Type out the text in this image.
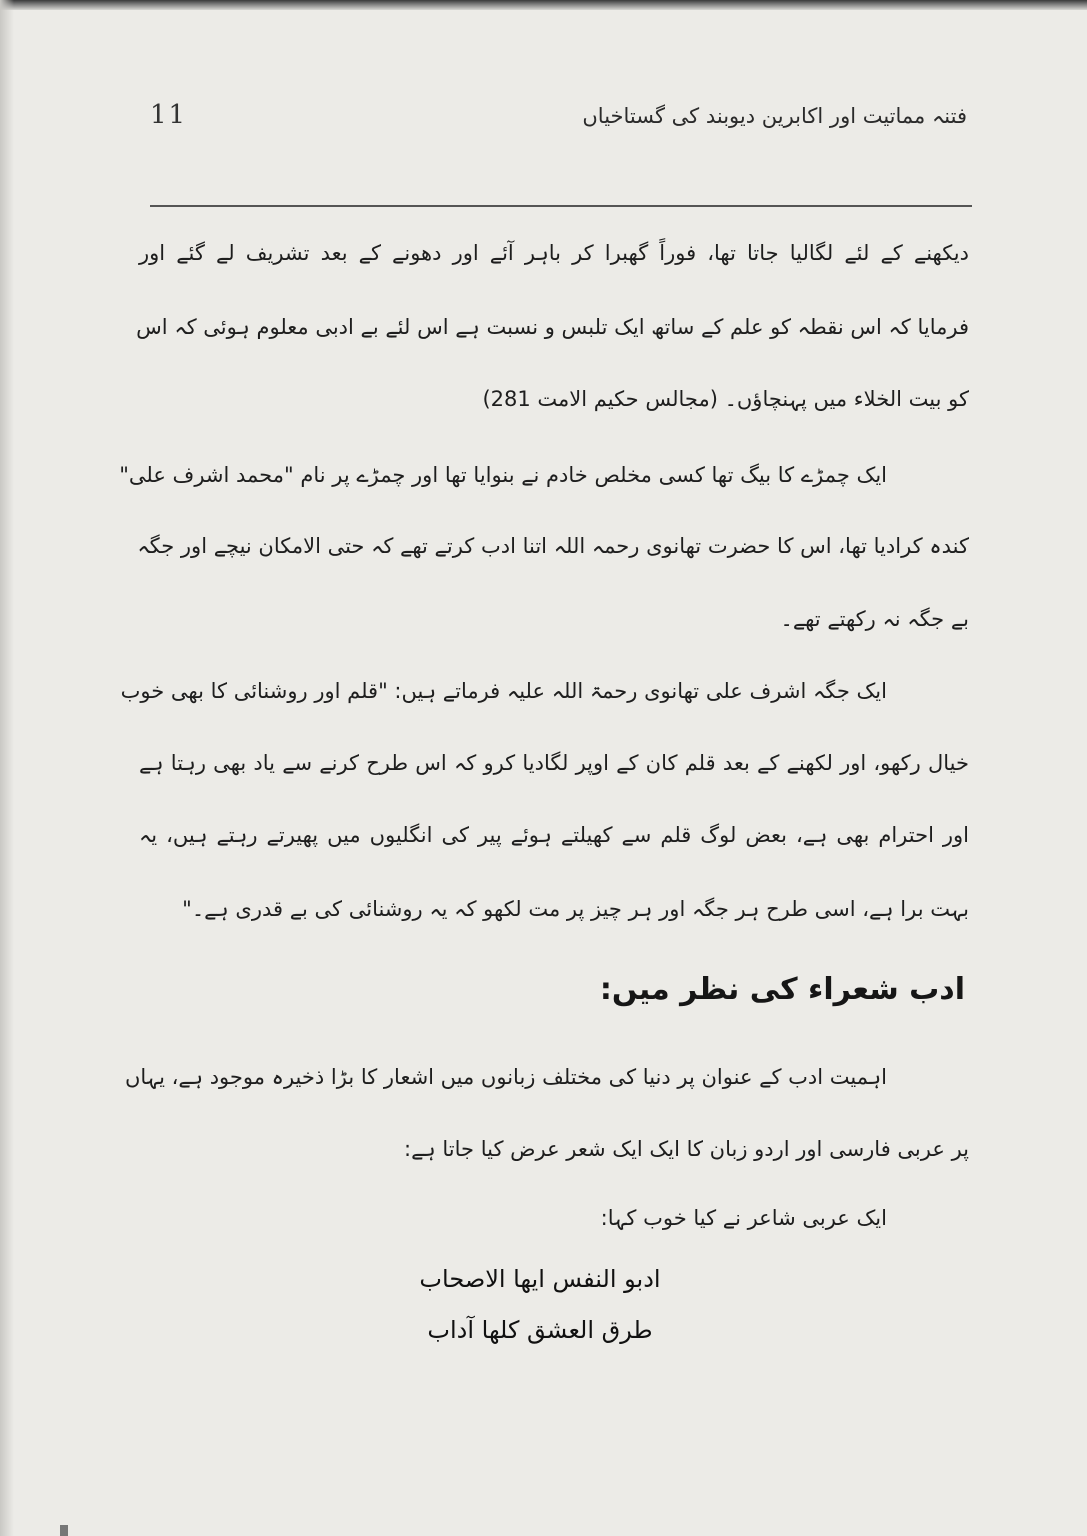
11	فتنہ مماتیت اور اکابرین دیوبند کی گستاخیاں
دیکھنے کے لئے لگالیا جاتا تھا، فوراً گھبرا کر باہر آئے اور دھونے کے بعد تشریف لے گئے اور
فرمایا کہ اس نقطہ کو علم کے ساتھ ایک تلبس و نسبت ہے اس لئے بے ادبی معلوم ہوئی کہ اس
کو بیت الخلاء میں پہنچاؤں۔ (مجالس حکیم الامت 281)
ایک چمڑے کا بیگ تھا کسی مخلص خادم نے بنوایا تھا اور چمڑے پر نام "محمد اشرف علی"
کندہ کرادیا تھا، اس کا حضرت تھانوی رحمہ اللہ اتنا ادب کرتے تھے کہ حتی الامکان نیچے اور جگہ
بے جگہ نہ رکھتے تھے۔
ایک جگہ اشرف علی تھانوی رحمۃ اللہ علیہ فرماتے ہیں: "قلم اور روشنائی کا بھی خوب
خیال رکھو، اور لکھنے کے بعد قلم کان کے اوپر لگادیا کرو کہ اس طرح کرنے سے یاد بھی رہتا ہے
اور احترام بھی ہے، بعض لوگ قلم سے کھیلتے ہوئے پیر کی انگلیوں میں پھیرتے رہتے ہیں، یہ
بہت برا ہے، اسی طرح ہر جگہ اور ہر چیز پر مت لکھو کہ یہ روشنائی کی بے قدری ہے۔"
ادب شعراء کی نظر میں:
اہمیت ادب کے عنوان پر دنیا کی مختلف زبانوں میں اشعار کا بڑا ذخیرہ موجود ہے، یہاں
پر عربی فارسی اور اردو زبان کا ایک ایک شعر عرض کیا جاتا ہے:
ایک عربی شاعر نے کیا خوب کہا:
ادبو النفس ایھا الاصحاب
طرق العشق کلھا آداب
